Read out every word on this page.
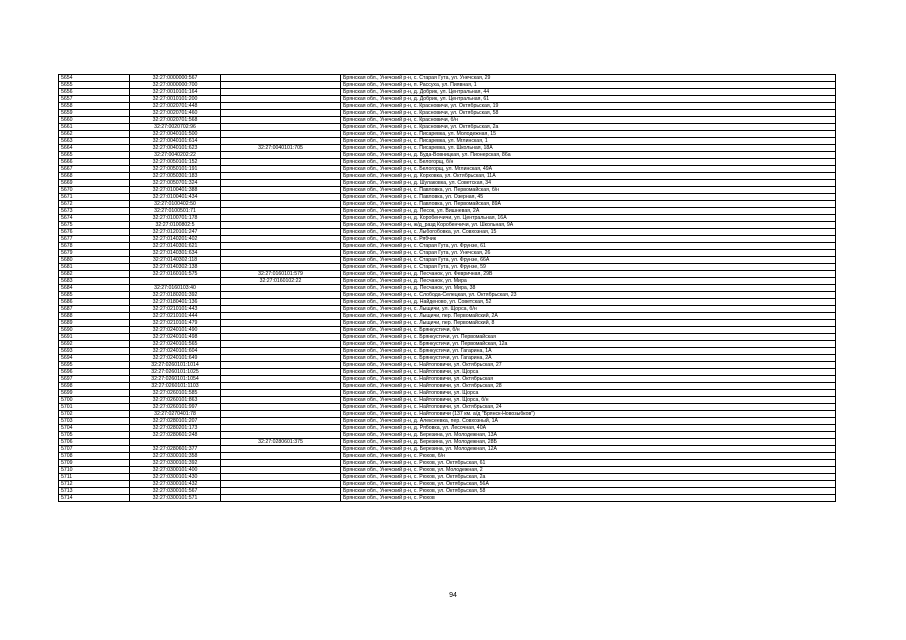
5654	32:27:0000000:567		Брянская обл., Унечский р-н, с. Старая Гута, ул. Унечская, 29
5655	32:27:0000000:700		Брянская обл., Унечский р-н, п. Рассуха, ул. Пиявная, 1
5656	32:27:0010101:164		Брянская обл., Унечский р-н, д. Добрик, ул. Центральная, 44
5657	32:27:0010101:200		Брянская обл., Унечский р-н, д. Добрик, ул. Центральная, 61
5658	32:27:0020701:448		Брянская обл., Унечский р-н, с. Красновичи, ул. Октябрьская, 19
5659	32:27:0020701:460		Брянская обл., Унечский р-н, с. Красновичи, ул. Октябрьская, 58
5660	32:27:0020701:568		Брянская обл., Унечский р-н, с. Красновичи, б/н
5661	32:27:0020702:96		Брянская обл., Унечский р-н, с. Красновичи, ул. Октябрьская, 2а
5662	32:27:0040101:500		Брянская обл., Унечский р-н, с. Писаревка, ул. Молодежная, 15
5663	32:27:0040101:614		Брянская обл., Унечский р-н, с. Писаревка, ул. Мглинская, 1
5664	32:27:0040101:623	32:27:0040101:705	Брянская обл., Унечский р-н, с. Писаревка, ул. Школьная, 18А
5665	32:27:0040202:22		Брянская обл., Унечский р-н, д. Буда-Вовницкая, ул. Пионерская, 86а
5666	32:27:0050101:152		Брянская обл., Унечский р-н, с. Белогорщ, б/н
5667	32:27:0050101:191		Брянская обл., Унечский р-н, с. Белогорщ, ул. Мглинская, 49А
5668	32:27:0050301:183		Брянская обл., Унечский р-н, д. Корховка, ул. Октябрьская, 11А
5669	32:27:0050701:324		Брянская обл., Унечский р-н, д. Шулаковка, ул. Советская, 34
5670	32:27:0100401:388		Брянская обл., Унечский р-н, с. Павловка, ул. Первомайская, б/н
5671	32:27:0100401:434		Брянская обл., Унечский р-н, с. Павловка, ул. Озерная, 45
5672	32:27:0100402:50		Брянская обл., Унечский р-н, с. Павловка, ул. Первомайская, 89А
5673	32:27:0100501:71		Брянская обл., Унечский р-н, д. Песок, ул. Вишневая, 2А
5674	32:27:0100701:178		Брянская обл., Унечский р-н, д. Коробенчичи, ул. Центральная, 16А
5675	32:27:0100802:5		Брянская обл., Унечский р-н, ж/д_разд Коробенчичи, ул. Школьная, 9А
5676	32:27:0120101:247		Брянская обл., Унечский р-н, с. Лыбогобовка, ул. Совхозная, 15
5677	32:27:0140201:402		Брянская обл., Унечский р-н, с. Рябчик
5678	32:27:0140301:621		Брянская обл., Унечский р-н, с. Старая Гута, ул. Фрунзе, 61
5679	32:27:0140301:634		Брянская обл., Унечский р-н, с. Старая Гута, ул. Унечская, 26
5680	32:27:0140302:118		Брянская обл., Унечский р-н, с. Старая Гута, ул. Фрунзе, 66А
5681	32:27:0140302:138		Брянская обл., Унечский р-н, с. Старая Гута, ул. Фрунзе, 59
5682	32:27:0160101:575	32:27:0160101:579	Брянская обл., Унечский р-н, д. Песчанок, ул. Февричная, 29В
5683		32:27:0160102:22	Брянская обл., Унечский р-н, д. Песчанок, ул. Мира
5684	32:27:0160103:40		Брянская обл., Унечский р-н, д. Песчанок, ул. Мира, 38
5685	32:27:0180201:392		Брянская обл., Унечский р-н, с. Слобода-Селецкая, ул. Октябрьская, 23
5686	32:27:0180401:136		Брянская обл., Унечский р-н, д. Найденово, ул. Советская, 52
5687	32:27:0210101:443		Брянская обл., Унечский р-н, с. Лыщичи, ул. Щорса, б/н
5688	32:27:0210101:444		Брянская обл., Унечский р-н, с. Лыщичи, пер. Первомайский, 2А
5689	32:27:0210101:479		Брянская обл., Унечский р-н, с. Лыщичи, пер. Первомайский, 8
5690	32:27:0240101:490		Брянская обл., Унечский р-н, с. Брянкустичи, б/н
5691	32:27:0240101:498		Брянская обл., Унечский р-н, с. Брянкустичи, ул. Первомайская
5692	32:27:0240101:565		Брянская обл., Унечский р-н, с. Брянкустичи, ул. Первомайская, 12а
5693	32:27:0240101:604		Брянская обл., Унечский р-н, с. Брянкустичи, ул. Гагарина, 1А
5694	32:27:0240101:649		Брянская обл., Унечский р-н, с. Брянкустичи, ул. Гагарина, 2А
5695	32:27:0260101:1014		Брянская обл., Унечский р-н, с. Найтоповичи, ул. Октябрьская, 27
5696	32:27:0260101:1025		Брянская обл., Унечский р-н, с. Найтоповичи, ул. Щорса
5697	32:27:0260101:1054		Брянская обл., Унечский р-н, с. Найтоповичи, ул. Октябрьская
5698	32:27:0260101:1103		Брянская обл., Унечский р-н, с. Найтоповичи, ул. Октябрьская, 28
5699	32:27:0260101:585		Брянская обл., Унечский р-н, с. Найтоповичи, ул. Щорса
5700	32:27:0260101:863		Брянская обл., Унечский р-н, с. Найтоповичи, ул. Щорса, б/н
5701	32:27:0260101:997		Брянская обл., Унечский р-н, с. Найтоповичи, ул. Октябрьская, 24
5702	32:27:0270401:78		Брянская обл., Унечский р-н, с. Найтоповичи (137 км. а/д "Брянск-Новозыбков")
5703	32:27:0280101:207		Брянская обл., Унечский р-н, д. Алексеевка, пер. Совхозный, 1А
5704	32:27:0280201:173		Брянская обл., Унечский р-н, д. Рябовка, ул. Лесочная, 40А
5705	32:27:0280601:248		Брянская обл., Унечский р-н, д. Березина, ул. Молодежная, 13А
5706		32:27:0280601:375	Брянская обл., Унечский р-н, д. Березина, ул. Молодежная, 28Б
5707	32:27:0280601:377		Брянская обл., Унечский р-н, д. Березина, ул. Молодежная, 12А
5708	32:27:0300101:358		Брянская обл., Унечский р-н, с. Рюхов, б/н
5709	32:27:0300101:392		Брянская обл., Унечский р-н, с. Рюхов, ул. Октябрьская, 61
5710	32:27:0300101:400		Брянская обл., Унечский р-н, с. Рюхов, ул. Молодежная, 2
5711	32:27:0300101:430		Брянская обл., Унечский р-н, с. Рюхов, ул. Октябрьская, 2а
5712	32:27:0300101:432		Брянская обл., Унечский р-н, с. Рюхов, ул. Октябрьская, 56А
5713	32:27:0300101:567		Брянская обл., Унечский р-н, с. Рюхов, ул. Октябрьская, 58
5714	32:27:0300101:571		Брянская обл., Унечский р-н, с. Рюхов
94
